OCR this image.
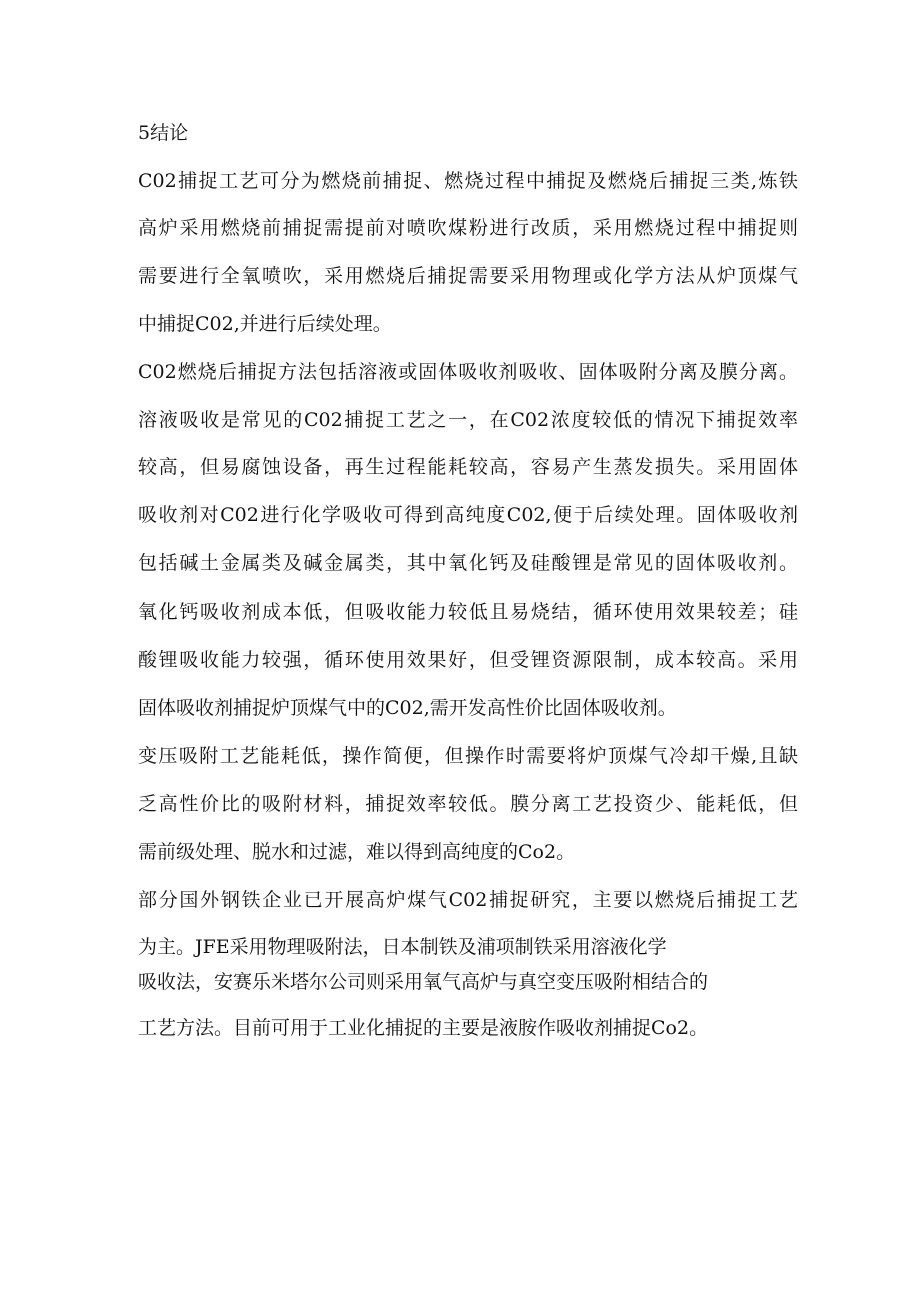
5结论
C02捕捉工艺可分为燃烧前捕捉、燃烧过程中捕捉及燃烧后捕捉三类,炼铁
高炉采用燃烧前捕捉需提前对喷吹煤粉进行改质，采用燃烧过程中捕捉则
需要进行全氧喷吹，采用燃烧后捕捉需要采用物理或化学方法从炉顶煤气
中捕捉C02,并进行后续处理。
C02燃烧后捕捉方法包括溶液或固体吸收剂吸收、固体吸附分离及膜分离。
溶液吸收是常见的C02捕捉工艺之一，在C02浓度较低的情况下捕捉效率
较高，但易腐蚀设备，再生过程能耗较高，容易产生蒸发损失。采用固体
吸收剂对C02进行化学吸收可得到高纯度C02,便于后续处理。固体吸收剂
包括碱土金属类及碱金属类，其中氧化钙及硅酸锂是常见的固体吸收剂。
氧化钙吸收剂成本低，但吸收能力较低且易烧结，循环使用效果较差；硅
酸锂吸收能力较强，循环使用效果好，但受锂资源限制，成本较高。采用
固体吸收剂捕捉炉顶煤气中的C02,需开发高性价比固体吸收剂。
变压吸附工艺能耗低，操作简便，但操作时需要将炉顶煤气冷却干燥,且缺
乏高性价比的吸附材料，捕捉效率较低。膜分离工艺投资少、能耗低，但
需前级处理、脱水和过滤，难以得到高纯度的Co2。
部分国外钢铁企业已开展高炉煤气C02捕捉研究，主要以燃烧后捕捉工艺
为主。JFE采用物理吸附法，日本制铁及浦项制铁采用溶液化学
吸收法，安赛乐米塔尔公司则采用氧气高炉与真空变压吸附相结合的
工艺方法。目前可用于工业化捕捉的主要是液胺作吸收剂捕捉Co2。
